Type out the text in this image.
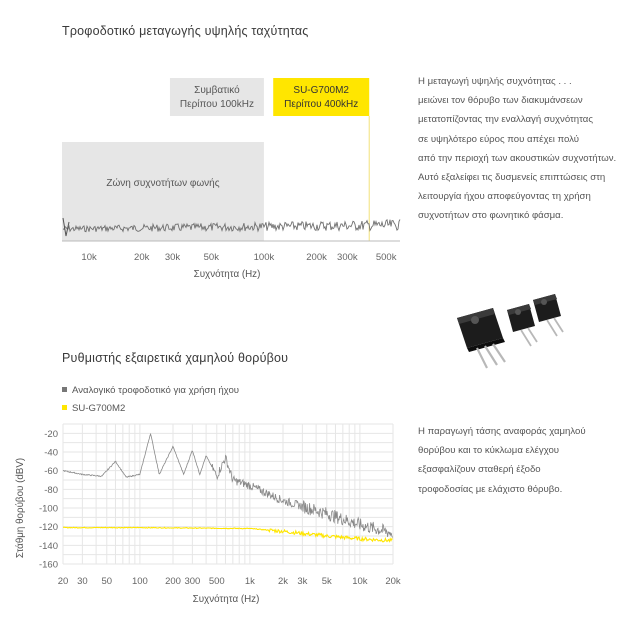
Τροφοδοτικό μεταγωγής υψηλής ταχύτητας
Ζώνη συχνοτήτων φωνής
Συμβατικό
Περίπου 100kHz
SU-G700M2
Περίπου 400kHz
10k	20k 30k 50k	100k	200k 300k 500k
Συχνότητα (Hz)
Η μεταγωγή υψηλής συχνότητας . . .
μειώνει τον θόρυβο των διακυμάνσεων
μετατοπίζοντας την εναλλαγή συχνότητας
σε υψηλότερο εύρος που απέχει πολύ
από την περιοχή των ακουστικών συχνοτήτων.
Αυτό εξαλείφει τις δυσμενείς επιπτώσεις στη
λειτουργία ήχου αποφεύγοντας τη χρήση
συχνοτήτων στο φωνητικό φάσμα.
Ρυθμιστής εξαιρετικά χαμηλού θορύβου
Αναλογικό τροφοδοτικό για χρήση ήχου
SU-G700M2
-20
-40
-60
-80
-100
-120
-140
-160
20 30 50 100 200 300 500 1k 2k 3k 5k 10k 20k
Συχνότητα (Hz)
Στάθμη θορύβου (dBV)
Η παραγωγή τάσης αναφοράς χαμηλού
θορύβου και το κύκλωμα ελέγχου
εξασφαλίζουν σταθερή έξοδο
τροφοδοσίας με ελάχιστο θόρυβο.
